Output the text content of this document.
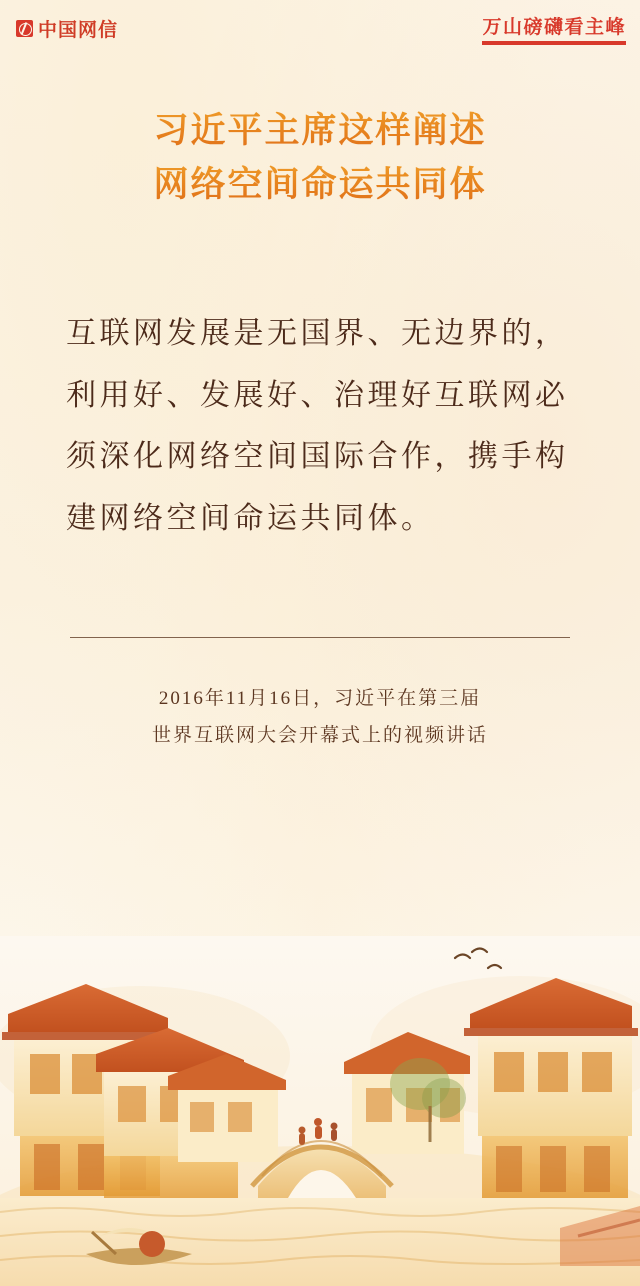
中国网信	万山磅礴看主峰
习近平主席这样阐述
网络空间命运共同体
互联网发展是无国界、无边界的，利用好、发展好、治理好互联网必须深化网络空间国际合作，携手构建网络空间命运共同体。
2016年11月16日，习近平在第三届
世界互联网大会开幕式上的视频讲话
